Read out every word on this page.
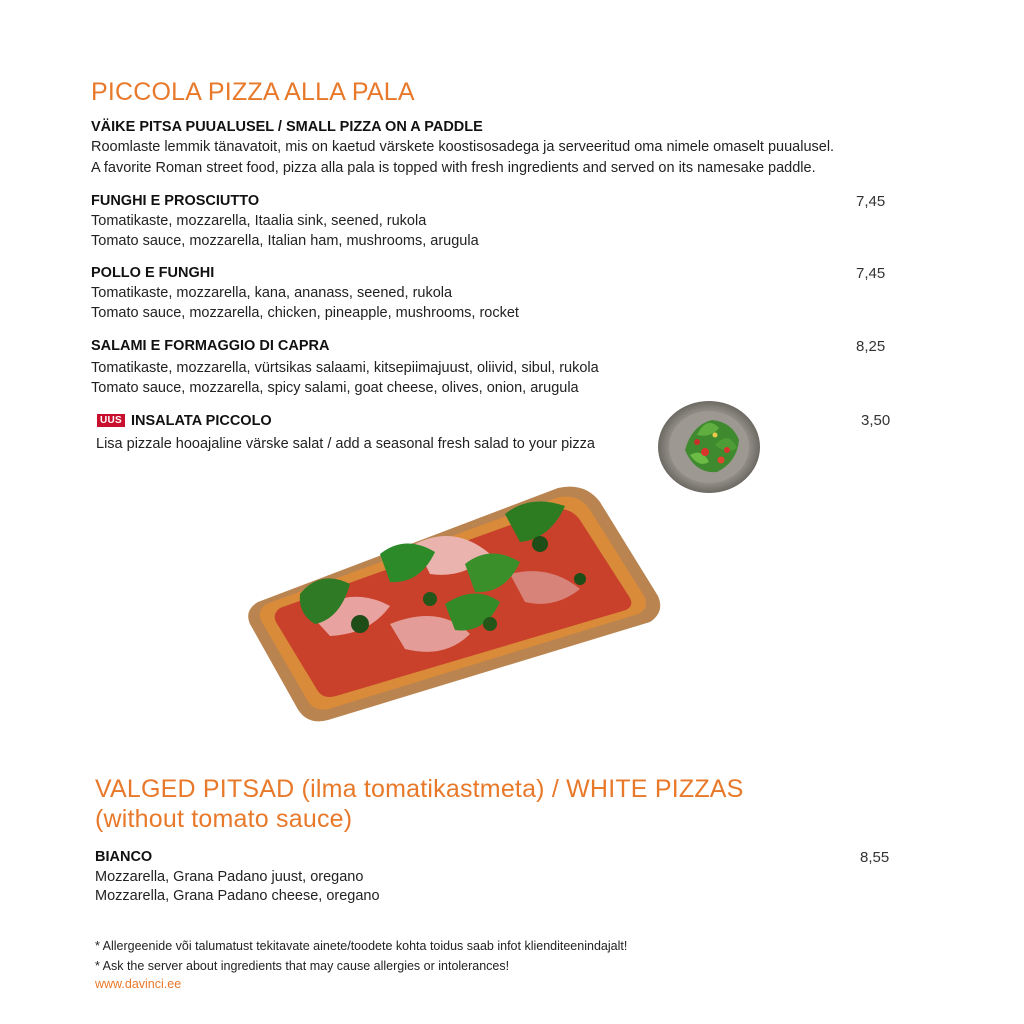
PICCOLA PIZZA ALLA PALA
VÄIKE PITSA PUUALUSEL / SMALL PIZZA ON A PADDLE
Roomlaste lemmik tänavatoit, mis on kaetud värskete koostisosadega ja serveeritud oma nimele omaselt puualusel.
A favorite Roman street food, pizza alla pala is topped with fresh ingredients and served on its namesake paddle.
FUNGHI E PROSCIUTTO	7,45
Tomatikaste, mozzarella, Itaalia sink, seened, rukola
Tomato sauce, mozzarella, Italian ham, mushrooms, arugula
POLLO E FUNGHI	7,45
Tomatikaste, mozzarella, kana, ananass, seened, rukola
Tomato sauce, mozzarella, chicken, pineapple, mushrooms, rocket
SALAMI E FORMAGGIO DI CAPRA	8,25
Tomatikaste, mozzarella, vürtsikas salaami, kitsepiimajuust, oliivid, sibul, rukola
Tomato sauce, mozzarella, spicy salami, goat cheese, olives, onion, arugula
UUS INSALATA PICCOLO	3,50
Lisa pizzale hooajaline värske salat / add a seasonal fresh salad to your pizza
VALGED PITSAD (ilma tomatikastmeta) / WHITE PIZZAS
(without tomato sauce)
BIANCO	8,55
Mozzarella, Grana Padano juust, oregano
Mozzarella, Grana Padano cheese, oregano
* Allergeenide või talumatust tekitavate ainete/toodete kohta toidus saab infot klienditeenindajalt!
* Ask the server about ingredients that may cause allergies or intolerances!
www.davinci.ee
